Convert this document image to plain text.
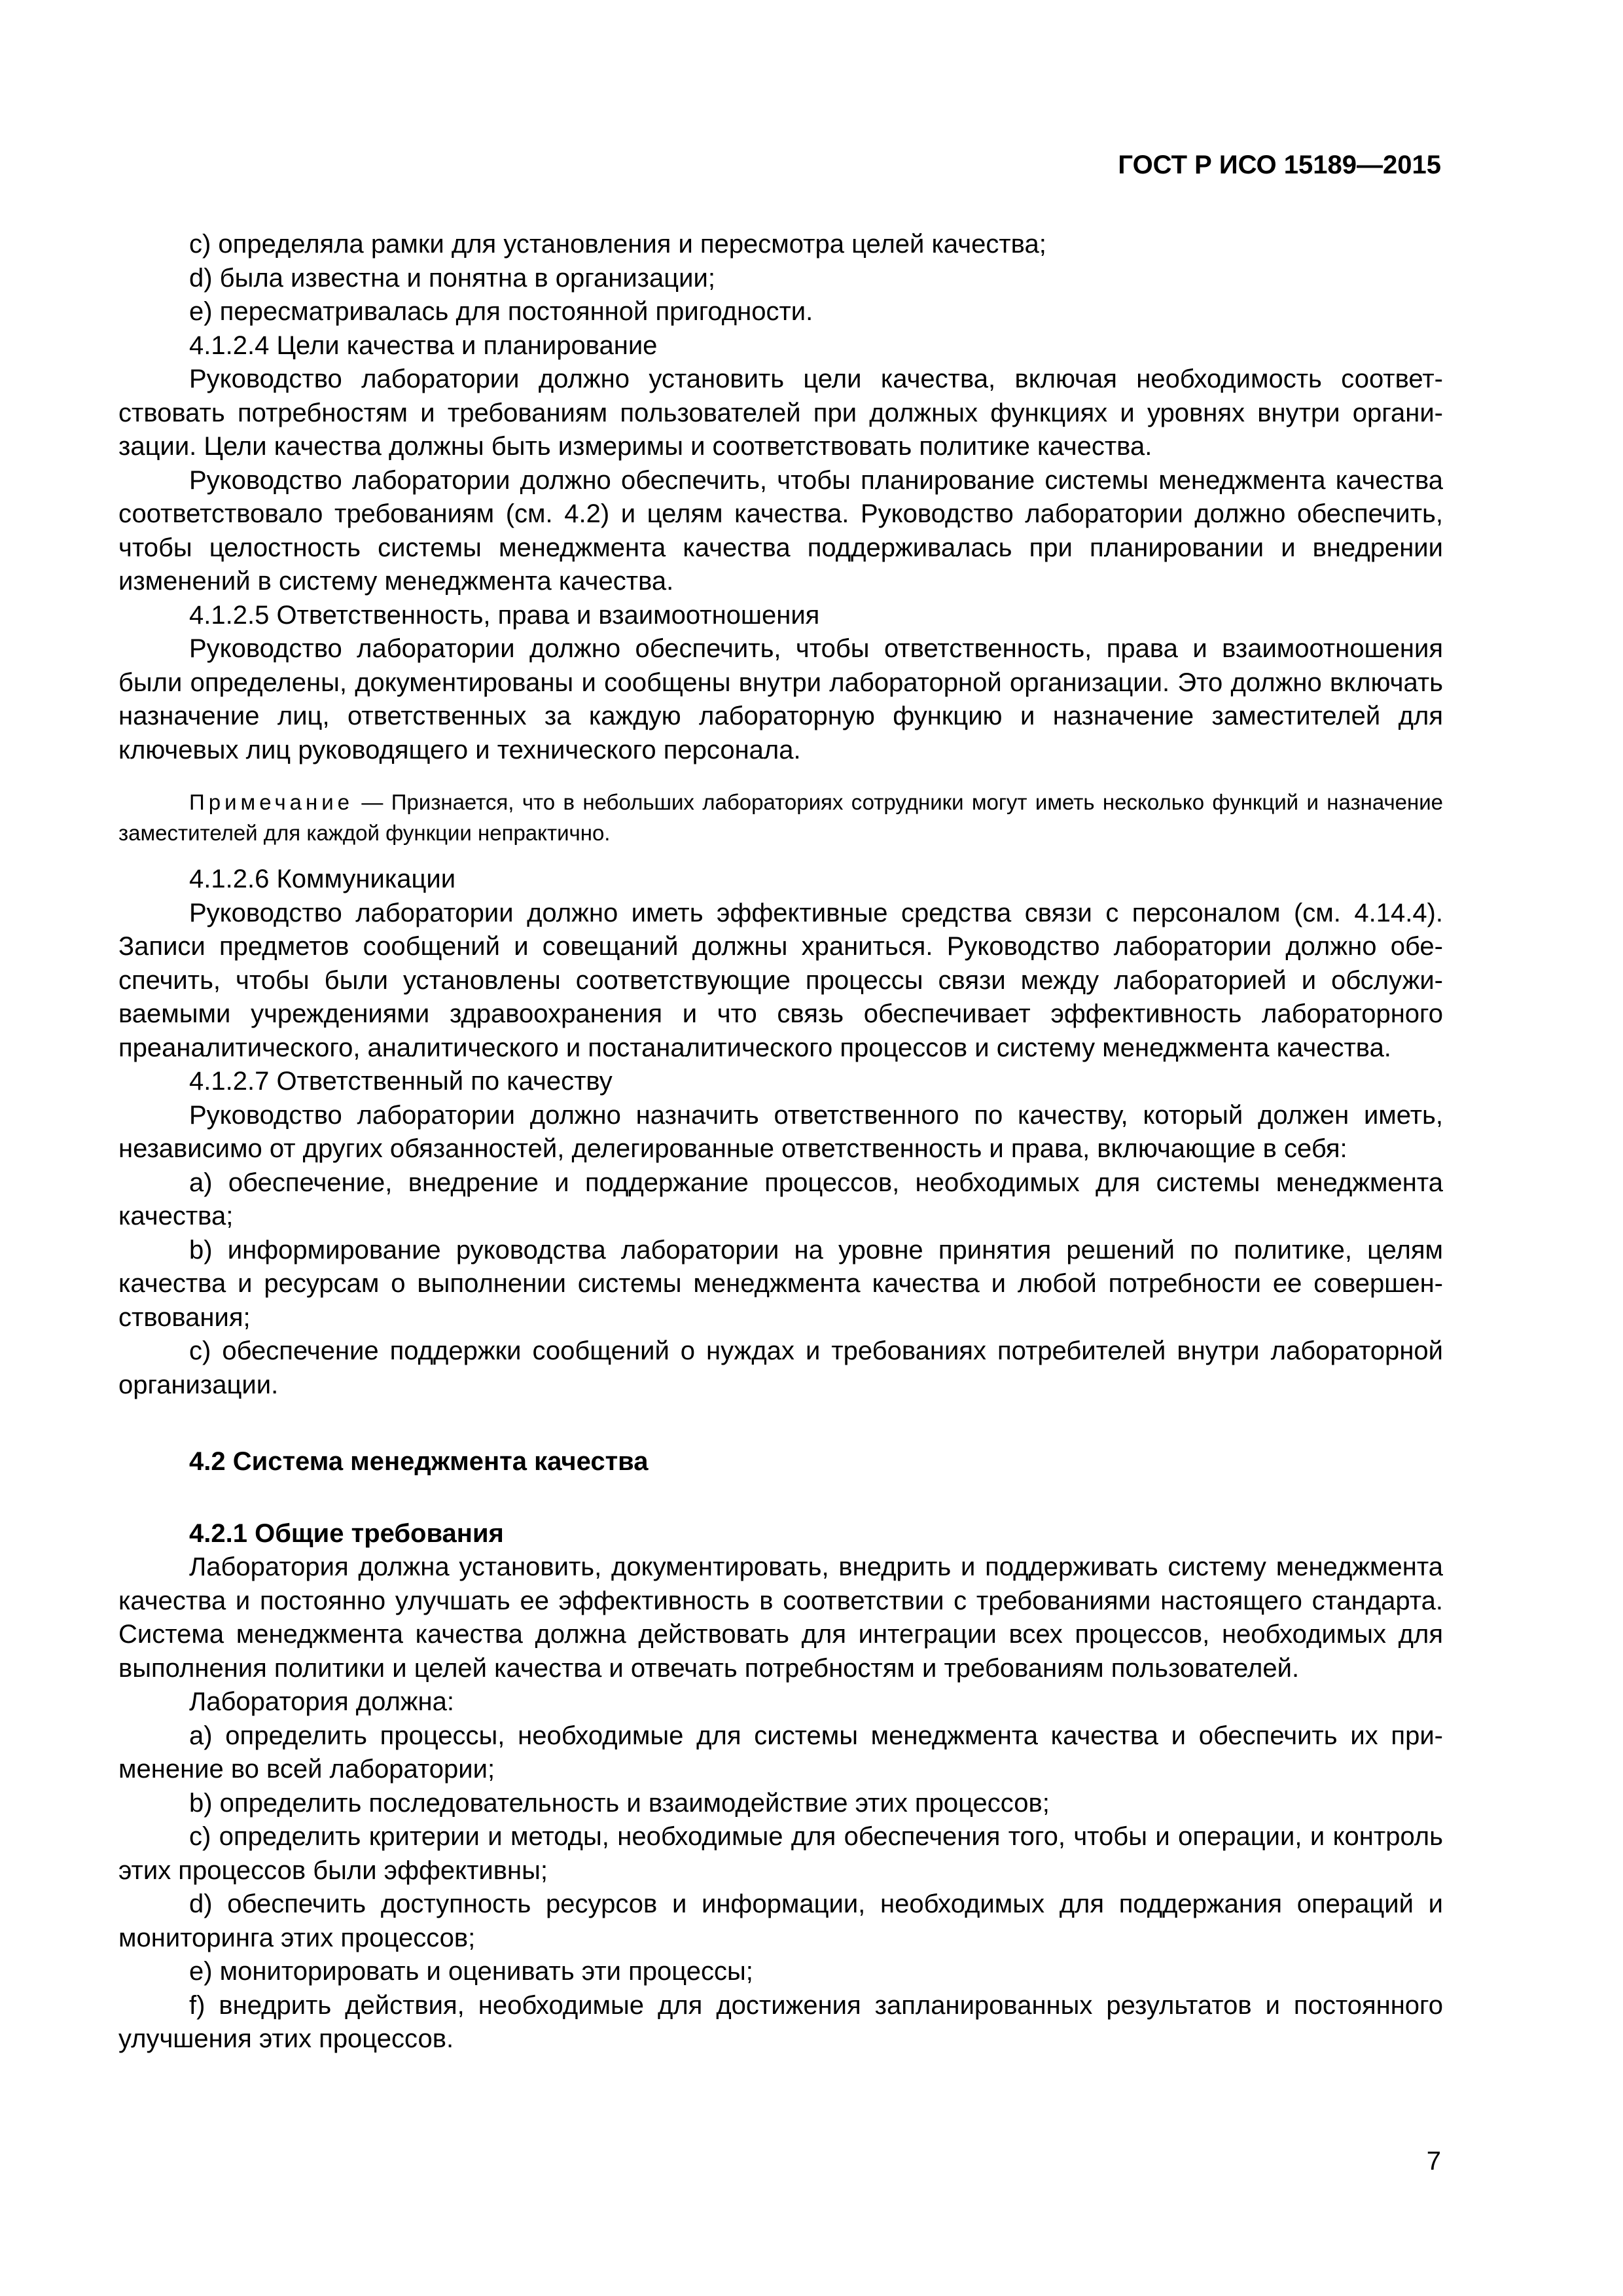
ГОСТ Р ИСО 15189—2015

c) определяла рамки для установления и пересмотра целей качества;

d) была известна и понятна в организации;

e) пересматривалась для постоянной пригодности.

4.1.2.4 Цели качества и планирование

Руководство лаборатории должно установить цели качества, включая необходимость соответствовать потребностям и требованиям пользователей при должных функциях и уровнях внутри организации. Цели качества должны быть измеримы и соответствовать политике качества.

Руководство лаборатории должно обеспечить, чтобы планирование системы менеджмента качества соответствовало требованиям (см. 4.2) и целям качества. Руководство лаборатории должно обеспечить, чтобы целостность системы менеджмента качества поддерживалась при планировании и внедрении изменений в систему менеджмента качества.

4.1.2.5 Ответственность, права и взаимоотношения

Руководство лаборатории должно обеспечить, чтобы ответственность, права и взаимоотношения были определены, документированы и сообщены внутри лабораторной организации. Это должно включать назначение лиц, ответственных за каждую лабораторную функцию и назначение заместителей для ключевых лиц руководящего и технического персонала.

Примечание — Признается, что в небольших лабораториях сотрудники могут иметь несколько функций и назначение заместителей для каждой функции непрактично.

4.1.2.6 Коммуникации

Руководство лаборатории должно иметь эффективные средства связи с персоналом (см. 4.14.4). Записи предметов сообщений и совещаний должны храниться. Руководство лаборатории должно обеспечить, чтобы были установлены соответствующие процессы связи между лабораторией и обслуживаемыми учреждениями здравоохранения и что связь обеспечивает эффективность лабораторного преаналитического, аналитического и постаналитического процессов и систему менеджмента качества.

4.1.2.7 Ответственный по качеству

Руководство лаборатории должно назначить ответственного по качеству, который должен иметь, независимо от других обязанностей, делегированные ответственность и права, включающие в себя:

a) обеспечение, внедрение и поддержание процессов, необходимых для системы менеджмента качества;

b) информирование руководства лаборатории на уровне принятия решений по политике, целям качества и ресурсам о выполнении системы менеджмента качества и любой потребности ее совершенствования;

c) обеспечение поддержки сообщений о нуждах и требованиях потребителей внутри лабораторной организации.

4.2 Система менеджмента качества

4.2.1 Общие требования

Лаборатория должна установить, документировать, внедрить и поддерживать систему менеджмента качества и постоянно улучшать ее эффективность в соответствии с требованиями настоящего стандарта. Система менеджмента качества должна действовать для интеграции всех процессов, необходимых для выполнения политики и целей качества и отвечать потребностям и требованиям пользователей.

Лаборатория должна:

a) определить процессы, необходимые для системы менеджмента качества и обеспечить их применение во всей лаборатории;

b) определить последовательность и взаимодействие этих процессов;

c) определить критерии и методы, необходимые для обеспечения того, чтобы и операции, и контроль этих процессов были эффективны;

d) обеспечить доступность ресурсов и информации, необходимых для поддержания операций и мониторинга этих процессов;

e) мониторировать и оценивать эти процессы;

f) внедрить действия, необходимые для достижения запланированных результатов и постоянного улучшения этих процессов.

7
